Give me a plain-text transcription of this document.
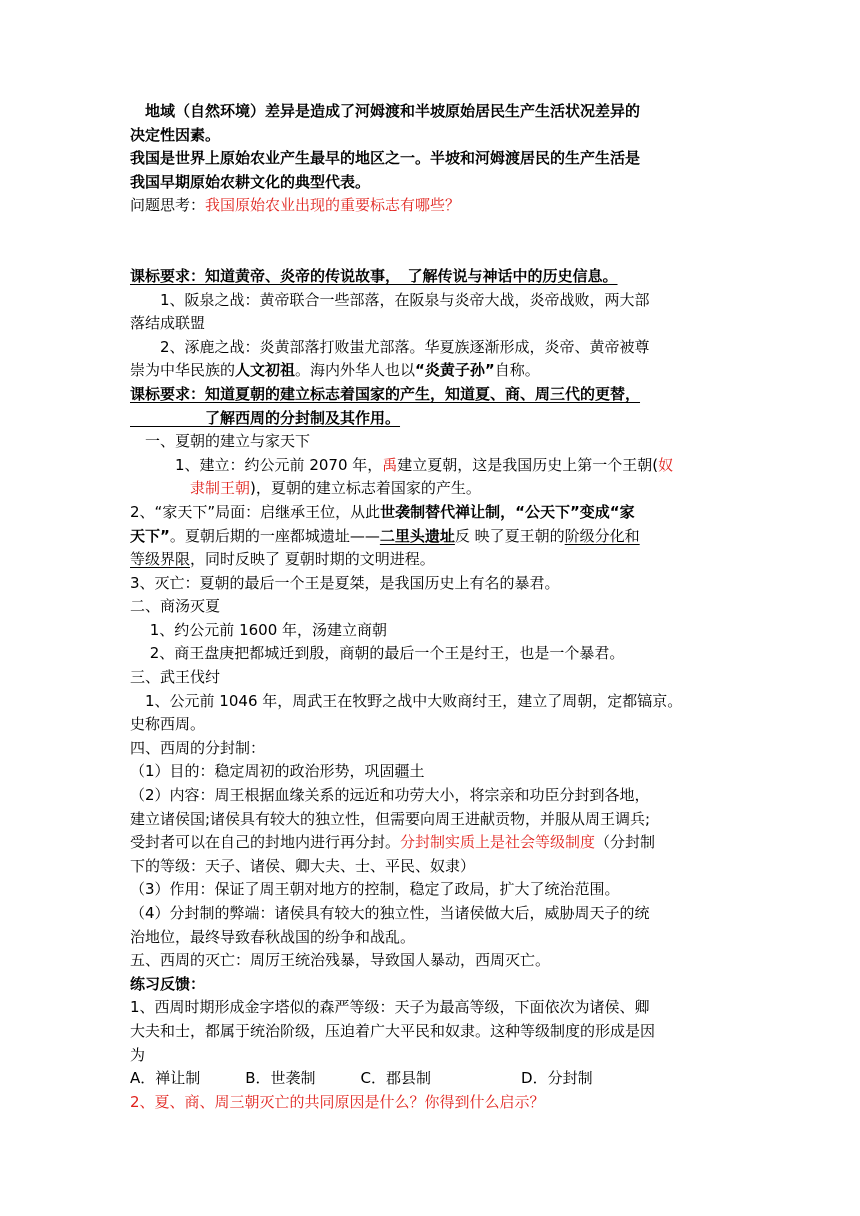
　地域（自然环境）差异是造成了河姆渡和半坡原始居民生产生活状况差异的
决定性因素。
我国是世界上原始农业产生最早的地区之一。半坡和河姆渡居民的生产生活是
我国早期原始农耕文化的典型代表。
问题思考：我国原始农业出现的重要标志有哪些？
课标要求：知道黄帝、炎帝的传说故事，　了解传说与神话中的历史信息。
　　1、阪泉之战：黄帝联合一些部落，在阪泉与炎帝大战，炎帝战败，两大部
落结成联盟
　　2、涿鹿之战：炎黄部落打败蚩尤部落。华夏族逐渐形成，炎帝、黄帝被尊
崇为中华民族的人文初祖。海内外华人也以“炎黄子孙”自称。
课标要求：知道夏朝的建立标志着国家的产生，知道夏、商、周三代的更替，
　　　　　了解西周的分封制及其作用。
　一、夏朝的建立与家天下
　　　1、建立：约公元前 2070 年，禹建立夏朝，这是我国历史上第一个王朝(奴
　　　　隶制王朝)，夏朝的建立标志着国家的产生。
2、“家天下”局面：启继承王位，从此世袭制替代禅让制，“公天下”变成“家
天下”。夏朝后期的一座都城遗址——二里头遗址反 映了夏王朝的阶级分化和
等级界限，同时反映了 夏朝时期的文明进程。
3、灭亡：夏朝的最后一个王是夏桀，是我国历史上有名的暴君。
二、商汤灭夏
　 1、约公元前 1600 年，汤建立商朝
　 2、商王盘庚把都城迁到殷，商朝的最后一个王是纣王，也是一个暴君。
三、武王伐纣
　1、公元前 1046 年，周武王在牧野之战中大败商纣王，建立了周朝，定都镐京。
史称西周。
四、西周的分封制：
（1）目的：稳定周初的政治形势，巩固疆土
（2）内容：周王根据血缘关系的远近和功劳大小，将宗亲和功臣分封到各地，
建立诸侯国;诸侯具有较大的独立性，但需要向周王进献贡物，并服从周王调兵;
受封者可以在自己的封地内进行再分封。分封制实质上是社会等级制度（分封制
下的等级：天子、诸侯、卿大夫、士、平民、奴隶）
（3）作用：保证了周王朝对地方的控制，稳定了政局，扩大了统治范围。
（4）分封制的弊端：诸侯具有较大的独立性，当诸侯做大后，威胁周天子的统
治地位，最终导致春秋战国的纷争和战乱。
五、西周的灭亡：周厉王统治残暴，导致国人暴动，西周灭亡。
练习反馈：
1、西周时期形成金字塔似的森严等级：天子为最高等级，下面依次为诸侯、卿
大夫和士，都属于统治阶级，压迫着广大平民和奴隶。这种等级制度的形成是因
为
A．禅让制　　　B．世袭制　　　C．郡县制　　　　　　D．分封制
2、夏、商、周三朝灭亡的共同原因是什么？你得到什么启示？
